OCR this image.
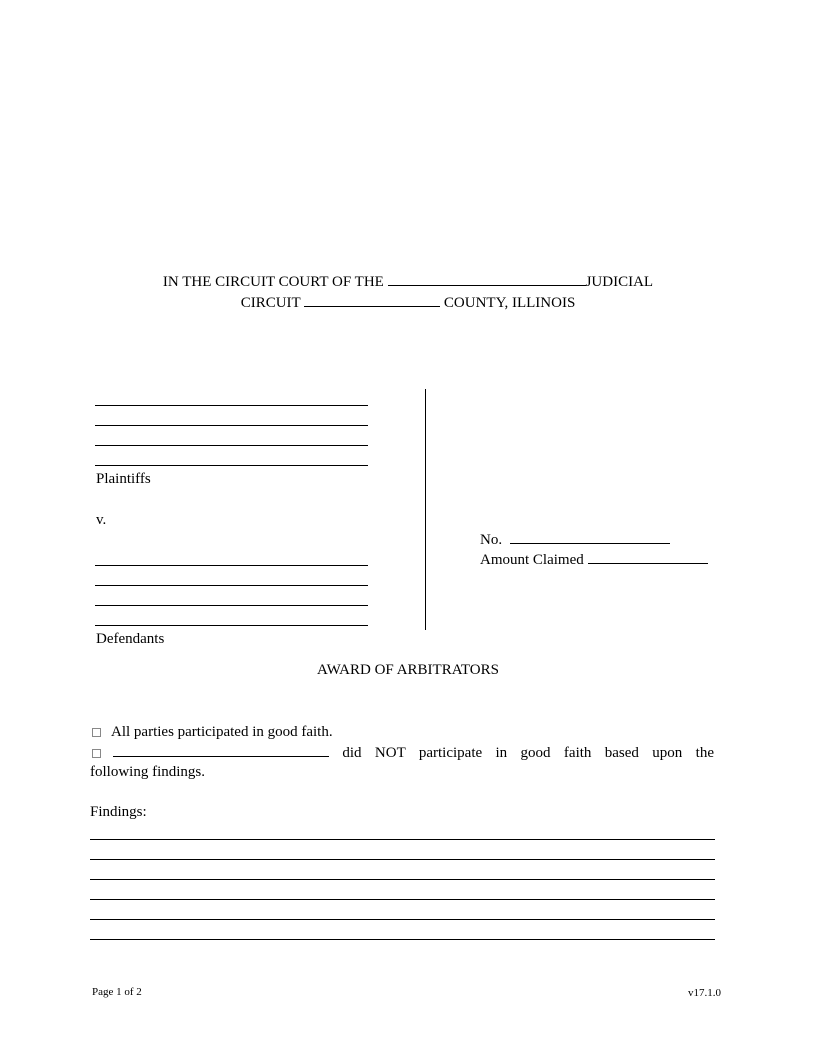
IN THE CIRCUIT COURT OF THE	JUDICIAL
CIRCUIT	COUNTY, ILLINOIS
Plaintiffs
v.
Defendants
No.
Amount Claimed
AWARD OF ARBITRATORS
All parties participated in good faith.
did NOT participate in good faith based upon the
following findings.
Findings:
Page 1 of 2	v17.1.0
